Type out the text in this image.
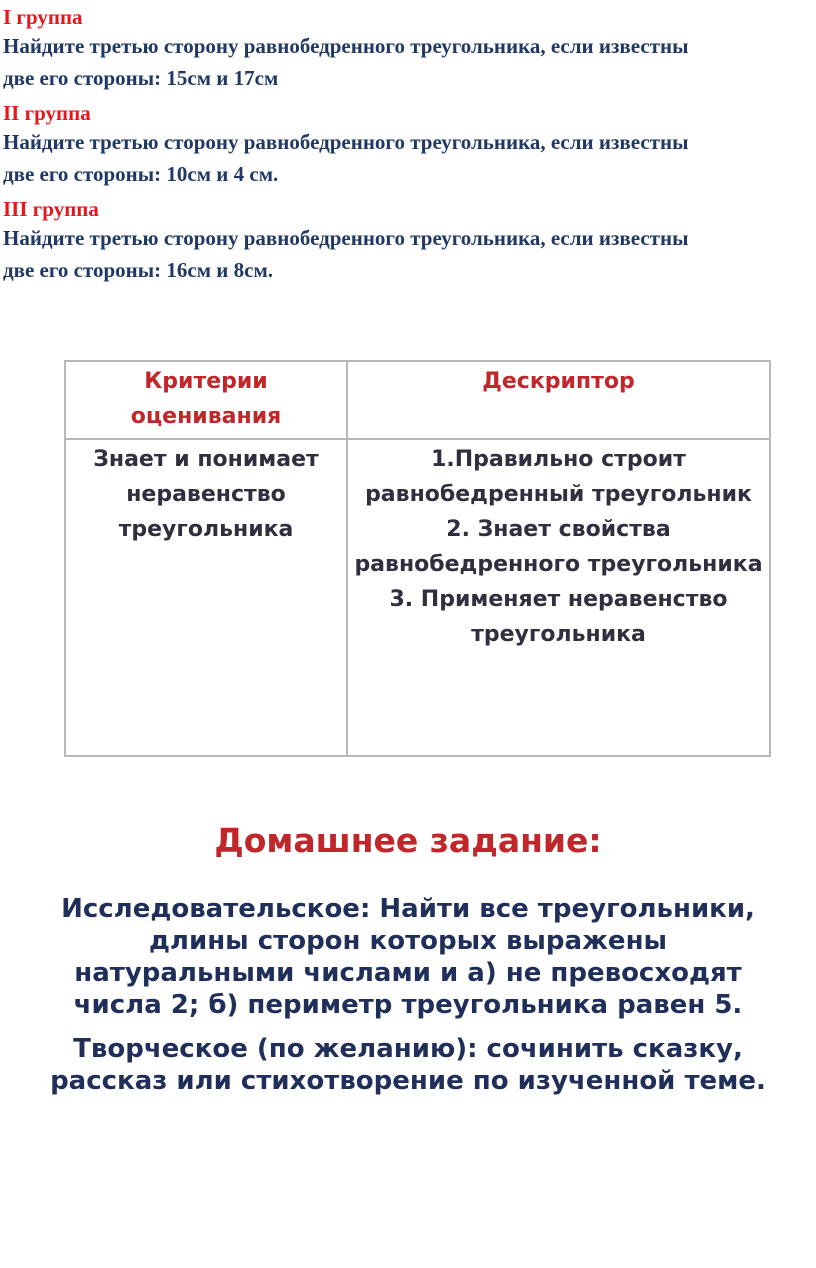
I группа

Найдите третью сторону равнобедренного треугольника, если известны

две его стороны: 15см и 17см

II группа

Найдите третью сторону равнобедренного треугольника, если известны

две его стороны: 10см и 4 см.

III группа

Найдите третью сторону равнобедренного треугольника, если известны

две его стороны: 16см и 8см.

Критерии
оценивания
Дескриптор
Знает и понимает
неравенство
треугольника
1.Правильно строит
равнобедренный треугольник
2. Знает свойства
равнобедренного треугольника
3. Применяет неравенство
треугольника
Домашнее задание:
Исследовательское: Найти все треугольники,
длины сторон которых выражены
натуральными числами и а) не превосходят
числа 2; б) периметр треугольника равен 5.
Творческое (по желанию): сочинить сказку,
рассказ или стихотворение по изученной теме.
